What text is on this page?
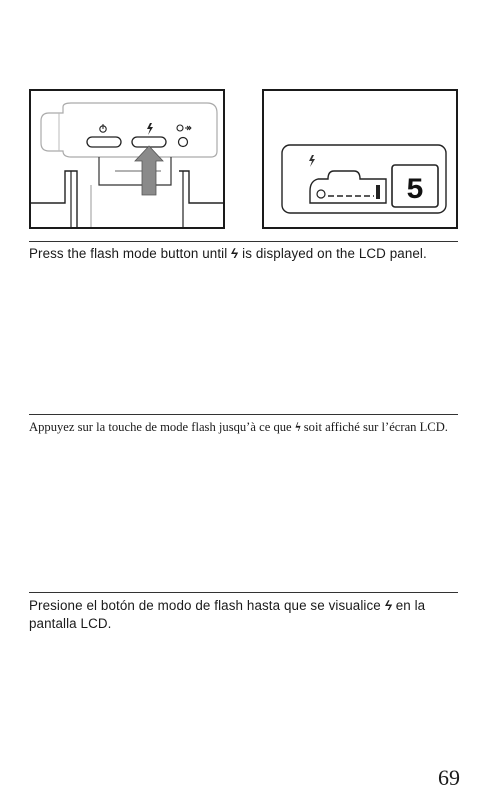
5

Press the flash mode button until ϟ is displayed on the LCD panel.

Appuyez sur la touche de mode flash jusqu’à ce que ϟ soit affiché sur l’écran LCD.

Presione el botón de modo de flash hasta que se visualice ϟ en la pantalla LCD.

69
